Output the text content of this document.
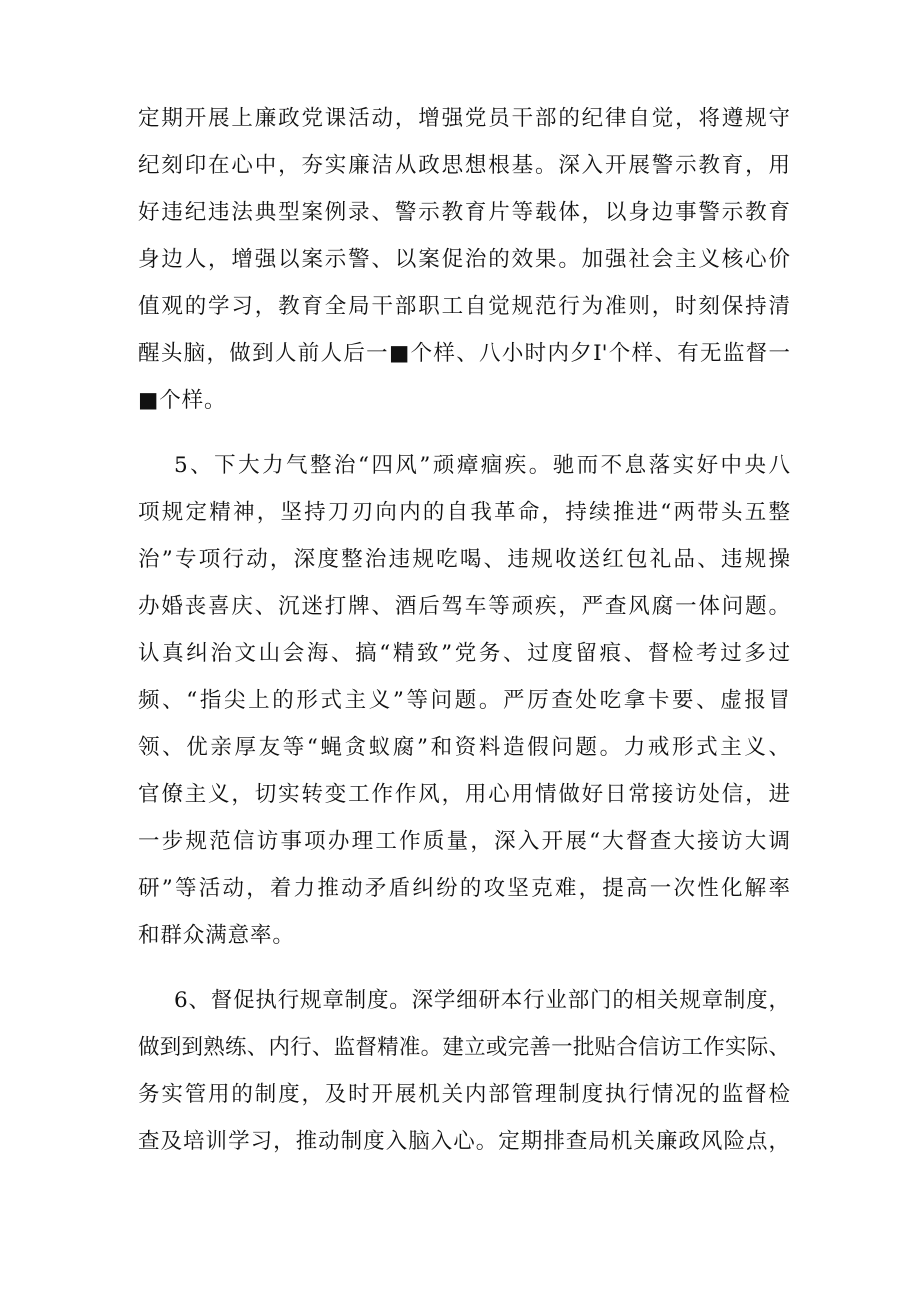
定期开展上廉政党课活动，增强党员干部的纪律自觉，将遵规守
纪刻印在心中，夯实廉洁从政思想根基。深入开展警示教育，用
好违纪违法典型案例录、警示教育片等载体，以身边事警示教育
身边人，增强以案示警、以案促治的效果。加强社会主义核心价
值观的学习，教育全局干部职工自觉规范行为准则，时刻保持清
醒头脑，做到人前人后一■个样、八小时内夕I'个样、有无监督一
■个样。
5、下大力气整治“四风”顽瘴痼疾。驰而不息落实好中央八
项规定精神，坚持刀刃向内的自我革命，持续推进“两带头五整
治”专项行动，深度整治违规吃喝、违规收送红包礼品、违规操
办婚丧喜庆、沉迷打牌、酒后驾车等顽疾，严查风腐一体问题。
认真纠治文山会海、搞“精致”党务、过度留痕、督检考过多过
频、“指尖上的形式主义”等问题。严厉查处吃拿卡要、虚报冒
领、优亲厚友等“蝇贪蚁腐”和资料造假问题。力戒形式主义、
官僚主义，切实转变工作作风，用心用情做好日常接访处信，进
一步规范信访事项办理工作质量，深入开展“大督查大接访大调
研”等活动，着力推动矛盾纠纷的攻坚克难，提高一次性化解率
和群众满意率。
6、督促执行规章制度。深学细研本行业部门的相关规章制度，
做到到熟练、内行、监督精准。建立或完善一批贴合信访工作实际、
务实管用的制度，及时开展机关内部管理制度执行情况的监督检
查及培训学习，推动制度入脑入心。定期排查局机关廉政风险点，
